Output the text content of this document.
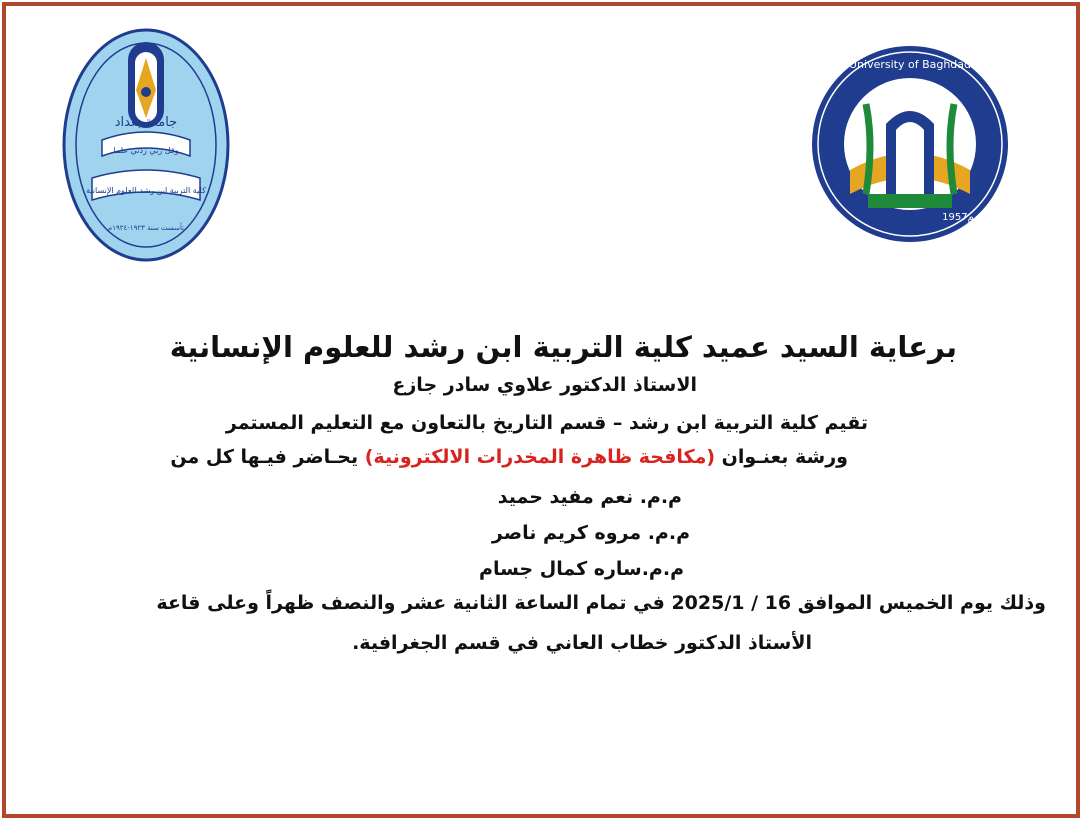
جامعة بغداد
وقل ربي زدني علما
كلية التربية ابن رشد للعلوم الإنسانية
تأسست سنة ١٩٢٣-١٩٢٤م
University of Baghdad
1957م
برعاية السيد عميد كلية التربية ابن رشد للعلوم الإنسانية
الاستاذ الدكتور علاوي سادر جازع
تقيم كلية التربية ابن رشد – قسم التاريخ بالتعاون مع التعليم المستمر
ورشة بعنـوان (مكافحة ظاهرة المخدرات الالكترونية) يحـاضر فيـها كل من
م.م. نعم مفيد حميد
م.م. مروه كريم ناصر
م.م.ساره كمال جسام
وذلك يوم الخميس الموافق 16 / 2025/1 في تمام الساعة الثانية عشر والنصف ظهراً وعلى قاعة
الأستاذ الدكتور خطاب العاني في قسم الجغرافية.
